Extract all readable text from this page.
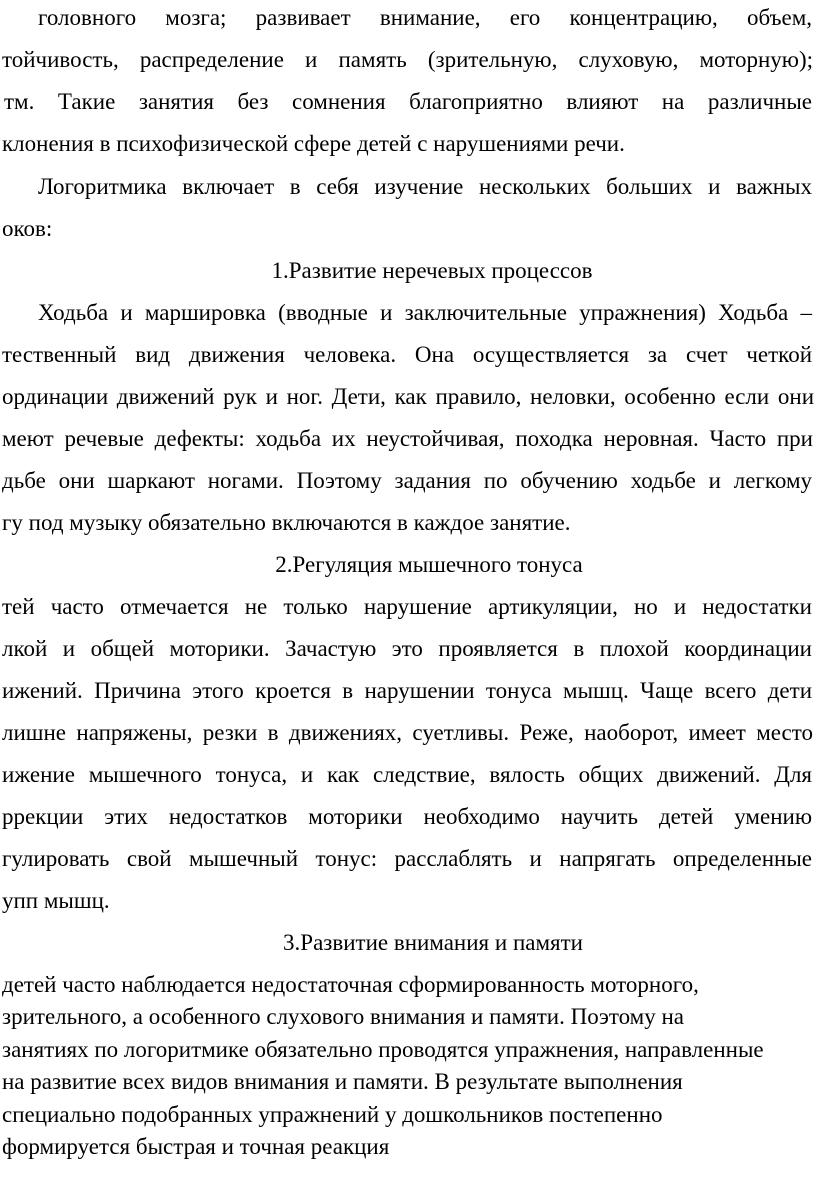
головного мозга; развивает внимание, его концентрацию, объем,
тойчивость, распределение и память (зрительную, слуховую, моторную);
тм. Такие занятия без сомнения благоприятно влияют на различные
клонения в психофизической сфере детей с нарушениями речи.
Логоритмика включает в себя изучение нескольких больших и важных
оков:
1.Развитие неречевых процессов
Ходьба и маршировка (вводные и заключительные упражнения) Ходьба –
тественный вид движения человека. Она осуществляется за счет четкой
ординации движений рук и ног. Дети, как правило, неловки, особенно если они
меют речевые дефекты: ходьба их неустойчивая, походка неровная. Часто при
дьбе они шаркают ногами. Поэтому задания по обучению ходьбе и легкому
гу под музыку обязательно включаются в каждое занятие.
2.Регуляция мышечного тонуса
тей часто отмечается не только нарушение артикуляции, но и недостатки
лкой и общей моторики. Зачастую это проявляется в плохой координации
ижений. Причина этого кроется в нарушении тонуса мышц. Чаще всего дети
лишне напряжены, резки в движениях, суетливы. Реже, наоборот, имеет место
ижение мышечного тонуса, и как следствие, вялость общих движений. Для
ррекции этих недостатков моторики необходимо научить детей умению
гулировать свой мышечный тонус: расслаблять и напрягать определенные
упп мышц.
3.Развитие внимания и памяти
детей часто наблюдается недостаточная сформированность моторного,
зрительного, а особенного слухового внимания и памяти. Поэтому на
занятиях по логоритмике обязательно проводятся упражнения, направленные
на развитие всех видов внимания и памяти. В результате выполнения
специально подобранных упражнений у дошкольников постепенно
формируется быстрая и точная реакция
